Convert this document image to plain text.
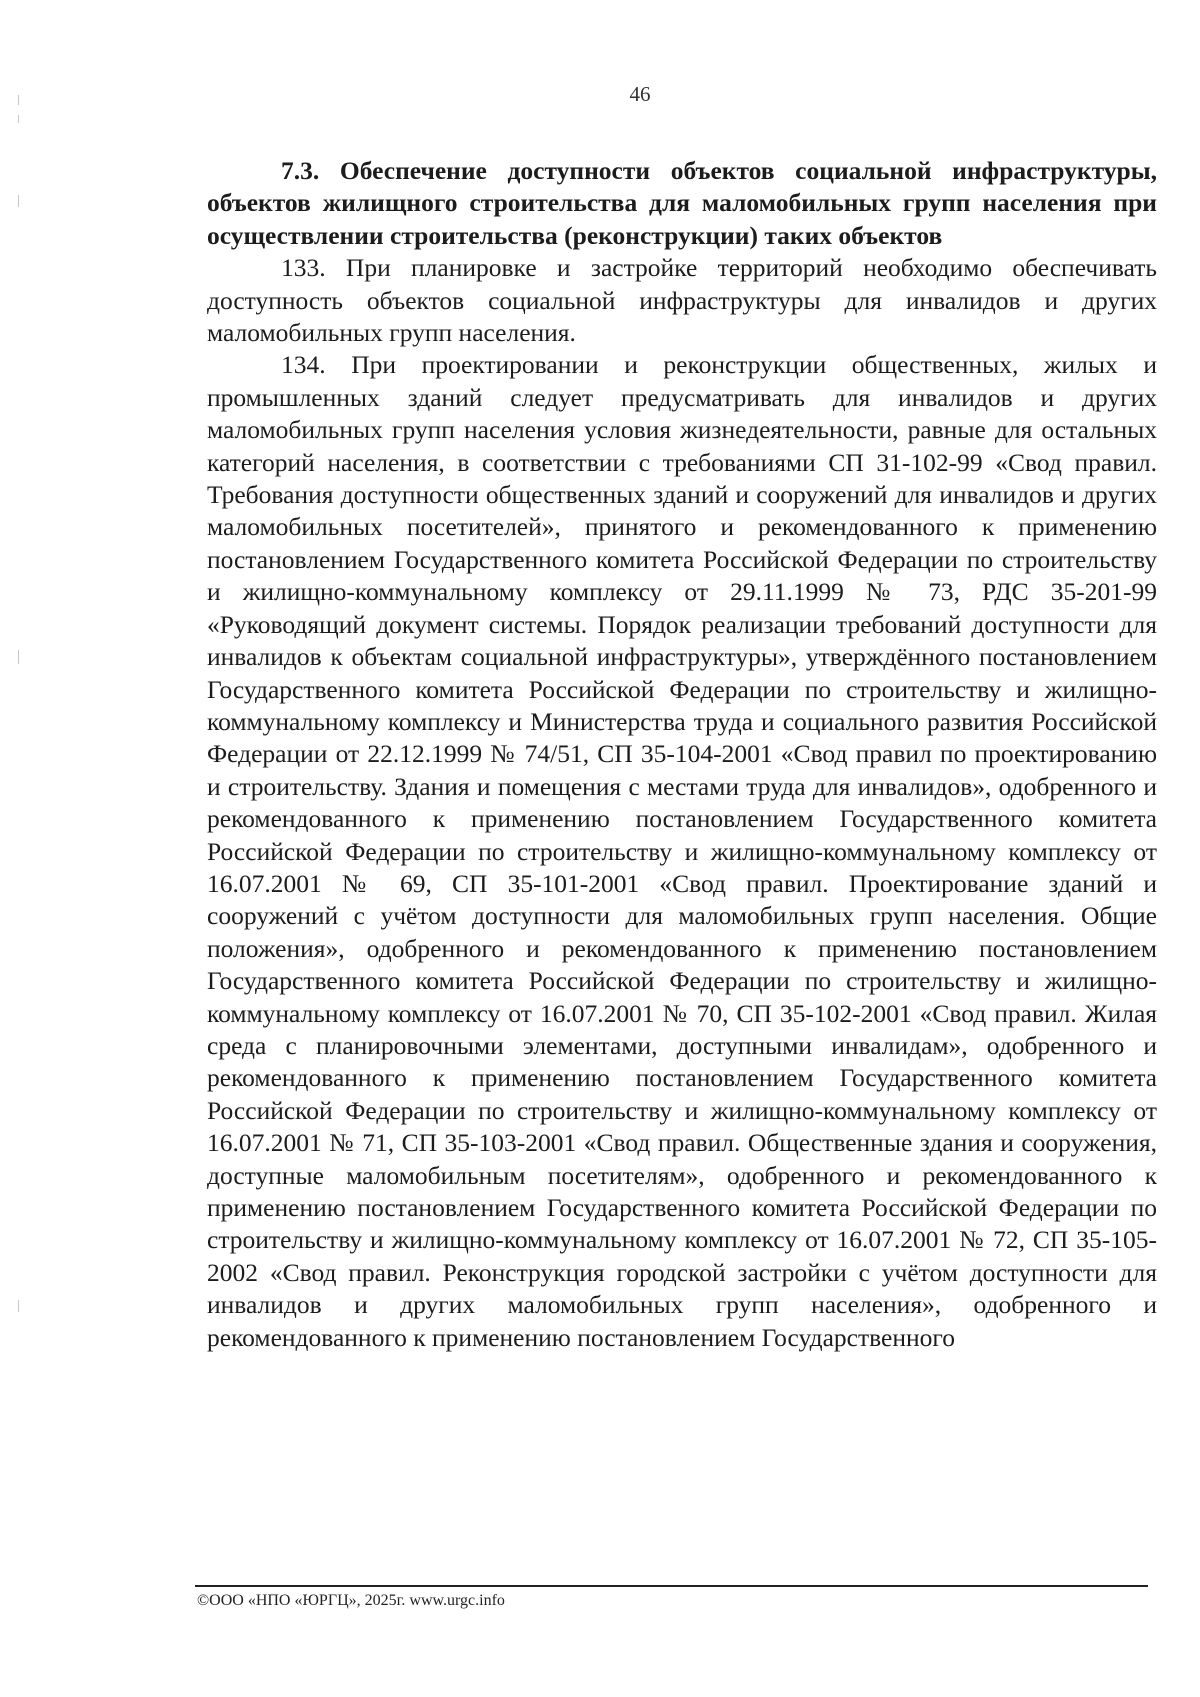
46

7.3. Обеспечение доступности объектов социальной инфраструктуры, объектов жилищного строительства для маломобильных групп населения при осуществлении строительства (реконструкции) таких объектов

133. При планировке и застройке территорий необходимо обеспечивать доступность объектов социальной инфраструктуры для инвалидов и других маломобильных групп населения.

134. При проектировании и реконструкции общественных, жилых и промышленных зданий следует предусматривать для инвалидов и других маломобильных групп населения условия жизнедеятельности, равные для остальных категорий населения, в соответствии с требованиями СП 31-102-99 «Свод правил. Требования доступности общественных зданий и сооружений для инвалидов и других маломобильных посетителей», принятого и рекомендованного к применению постановлением Государственного комитета Российской Федерации по строительству и жилищно-коммунальному комплексу от 29.11.1999 № 73, РДС 35-201-99 «Руководящий документ системы. Порядок реализации требований доступности для инвалидов к объектам социальной инфраструктуры», утверждённого постановлением Государственного комитета Российской Федерации по строительству и жилищно-коммунальному комплексу и Министерства труда и социального развития Российской Федерации от 22.12.1999 № 74/51, СП 35-104-2001 «Свод правил по проектированию и строительству. Здания и помещения с местами труда для инвалидов», одобренного и рекомендованного к применению постановлением Государственного комитета Российской Федерации по строительству и жилищно-коммунальному комплексу от 16.07.2001 № 69, СП 35-101-2001 «Свод правил. Проектирование зданий и сооружений с учётом доступности для маломобильных групп населения. Общие положения», одобренного и рекомендованного к применению постановлением Государственного комитета Российской Федерации по строительству и жилищно-коммунальному комплексу от 16.07.2001 № 70, СП 35-102-2001 «Свод правил. Жилая среда с планировочными элементами, доступными инвалидам», одобренного и рекомендованного к применению постановлением Государственного комитета Российской Федерации по строительству и жилищно-коммунальному комплексу от 16.07.2001 № 71, СП 35-103-2001 «Свод правил. Общественные здания и сооружения, доступные маломобильным посетителям», одобренного и рекомендованного к применению постановлением Государственного комитета Российской Федерации по строительству и жилищно-коммунальному комплексу от 16.07.2001 № 72, СП 35-105-2002 «Свод правил. Реконструкция городской застройки с учётом доступности для инвалидов и других маломобильных групп населения», одобренного и рекомендованного к применению постановлением Государственного

©ООО «НПО «ЮРГЦ», 2025г. www.urgc.info
